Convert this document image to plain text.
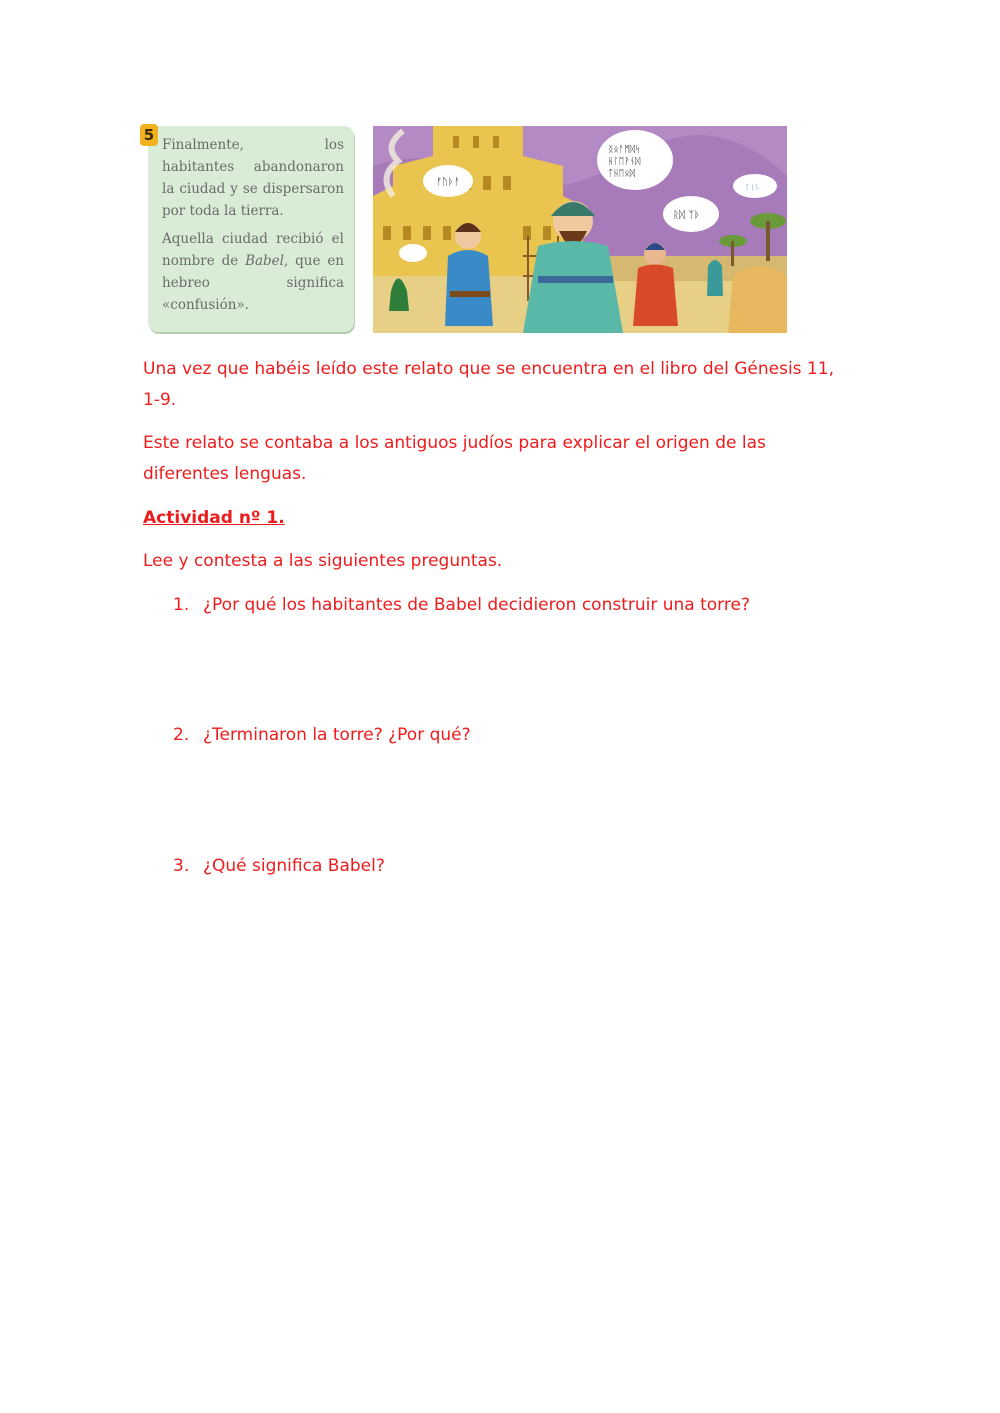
5

Finalmente, los habitantes abandonaron la ciudad y se dispersaron por toda la tierra.

Aquella ciudad recibió el nombre de Babel, que en hebreo significa «confusión».

ᚠᚢᚦᚨ
ᛝᛟᚨᛗᛞᛋ
ᚺᛚᛖᚹᚾᛞ
ᛏᚺᛖᛟᛞ
ᚱᛞ ᛉᚦ
ᛚᛁᛊ

Una vez que habéis leído este relato que se encuentra en el libro del Génesis 11, 1-9.

Este relato se contaba a los antiguos judíos para explicar el origen de las diferentes lenguas.

Actividad nº 1.

Lee y contesta a las siguientes preguntas.

1. ¿Por qué los habitantes de Babel decidieron construir una torre?
2. ¿Terminaron la torre? ¿Por qué?
3. ¿Qué significa Babel?
